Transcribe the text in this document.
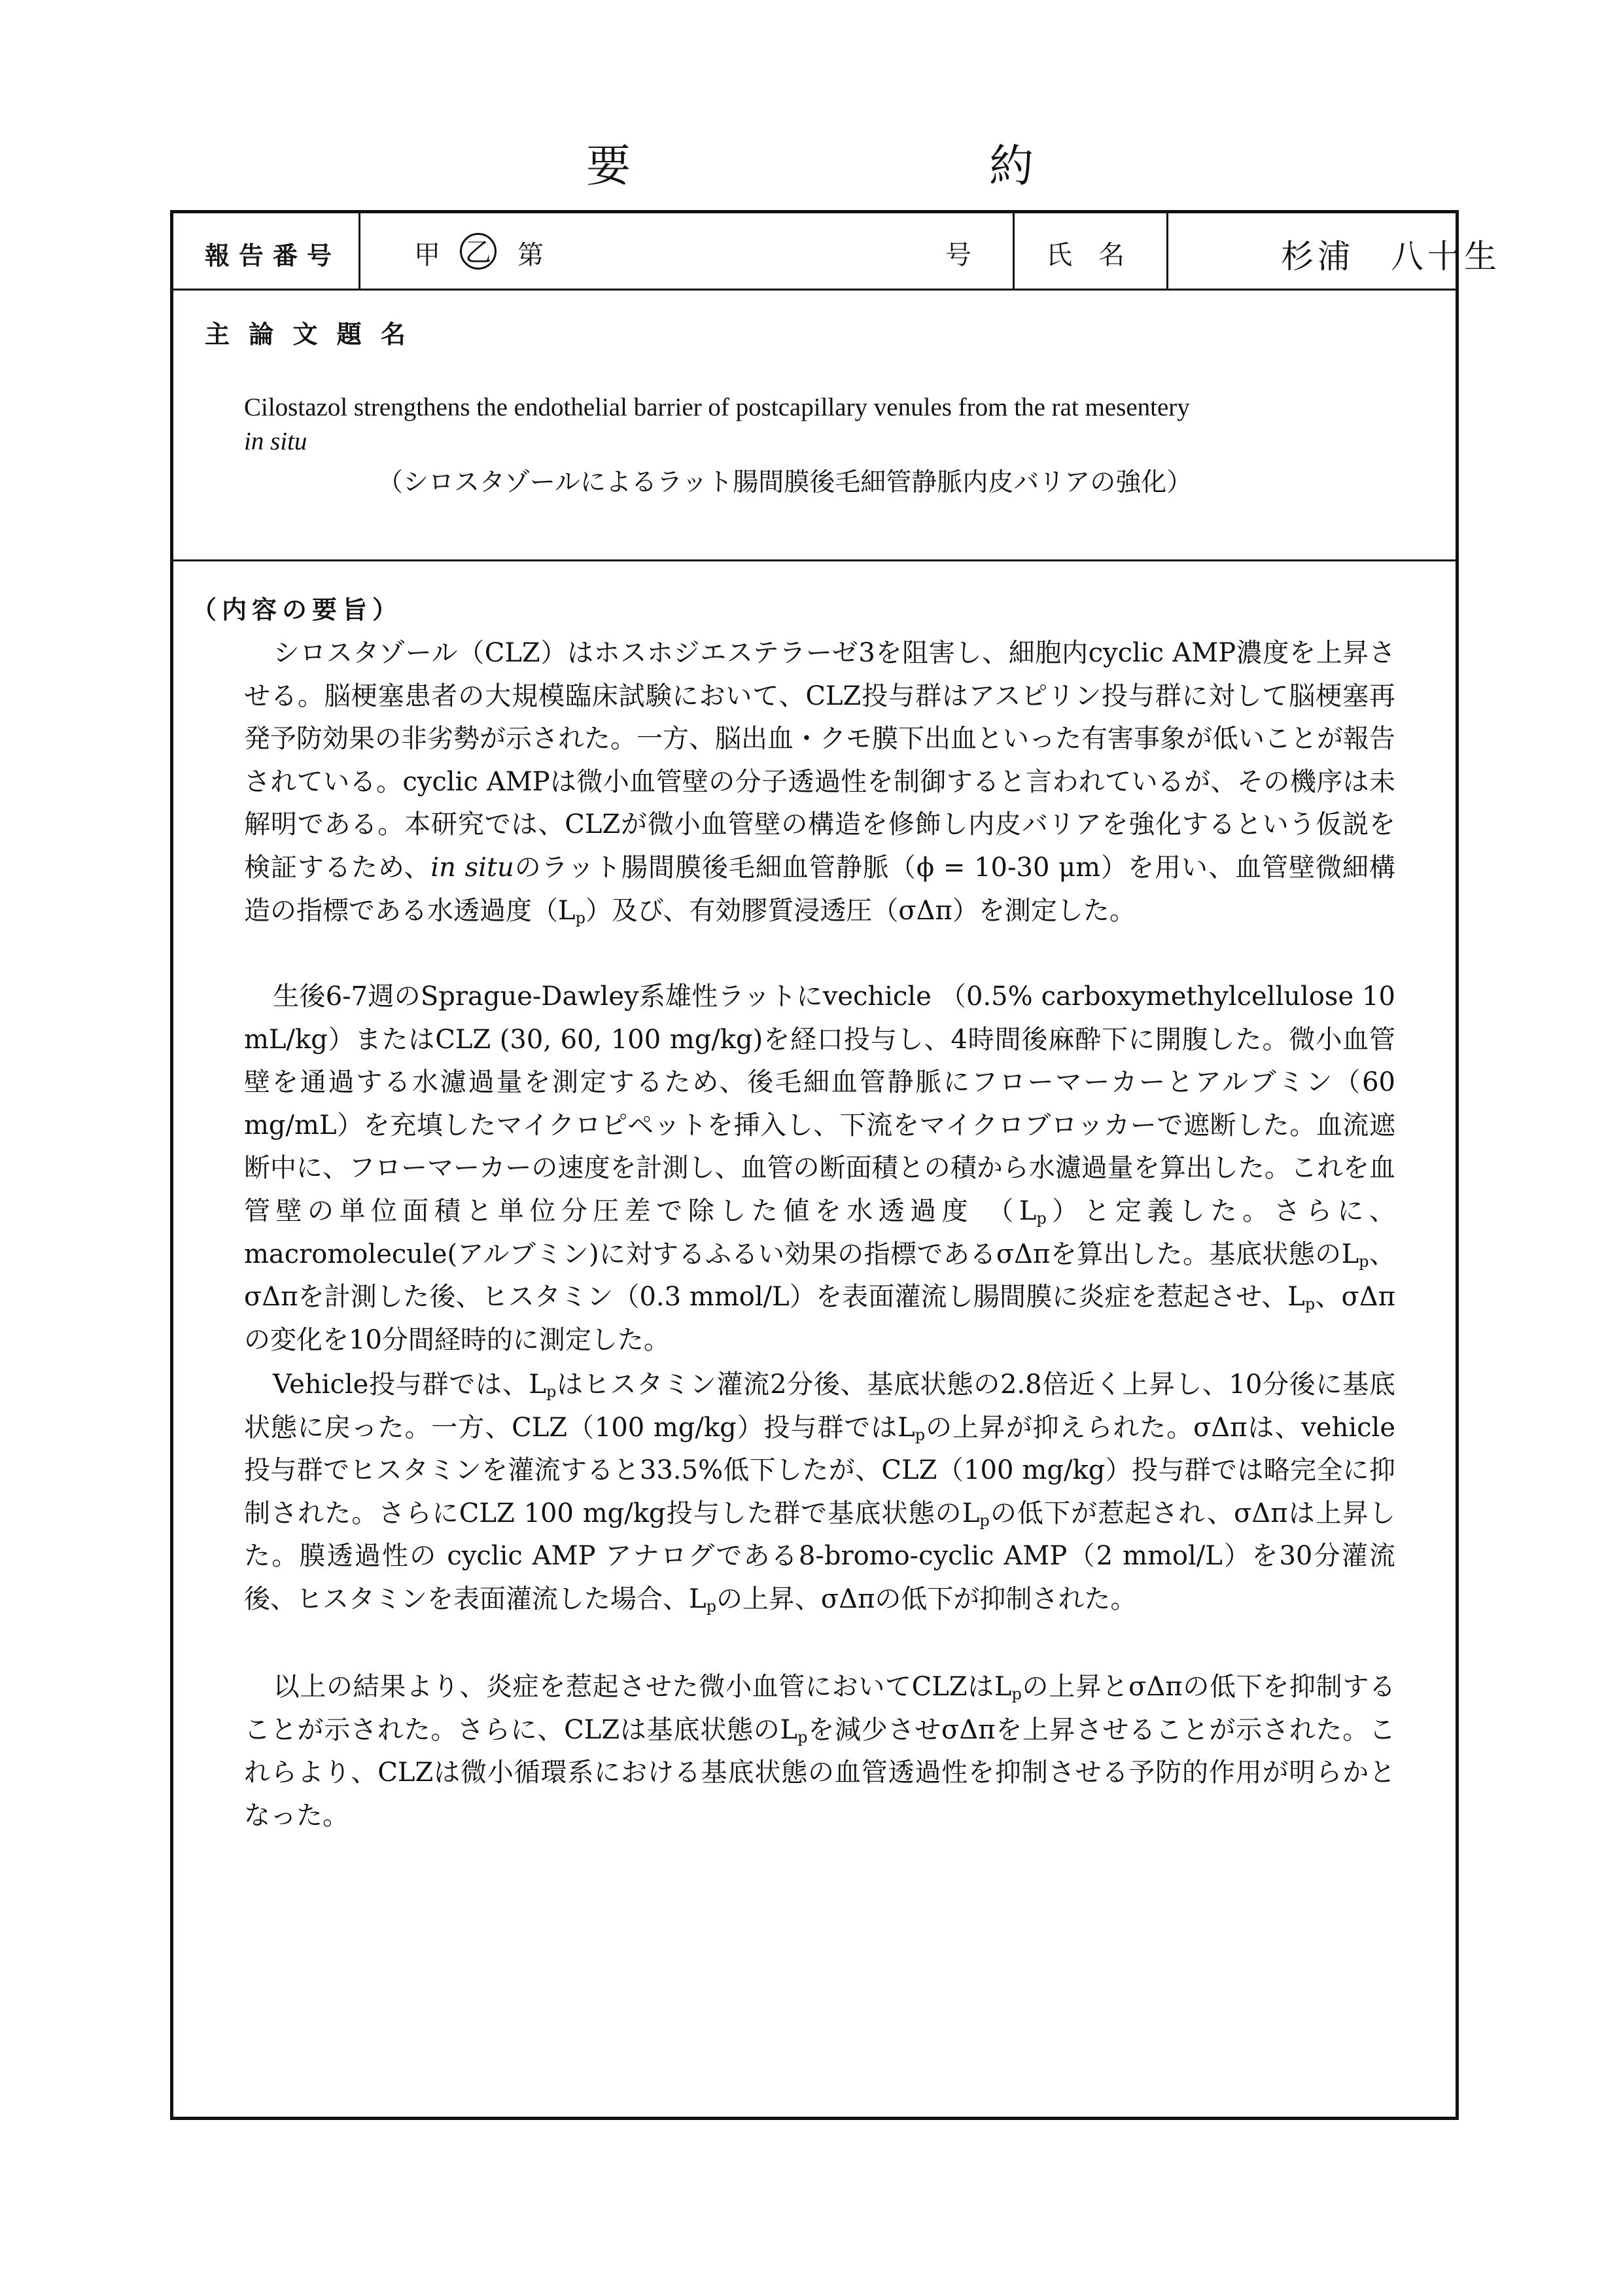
要	約
報告番号	甲 乙 第	号	氏　名	杉浦　八十生
主 論 文 題 名
Cilostazol strengthens the endothelial barrier of postcapillary venules from the rat mesentery
in situ
（シロスタゾールによるラット腸間膜後毛細管静脈内皮バリアの強化）
（内容の要旨）

シロスタゾール（CLZ）はホスホジエステラーゼ3を阻害し、細胞内cyclic AMP濃度を上昇させる。脳梗塞患者の大規模臨床試験において、CLZ投与群はアスピリン投与群に対して脳梗塞再発予防効果の非劣勢が示された。一方、脳出血・クモ膜下出血といった有害事象が低いことが報告されている。cyclic AMPは微小血管壁の分子透過性を制御すると言われているが、その機序は未解明である。本研究では、CLZが微小血管壁の構造を修飾し内皮バリアを強化するという仮説を検証するため、in situのラット腸間膜後毛細血管静脈（ϕ = 10-30 μm）を用い、血管壁微細構造の指標である水透過度$(L_p)$及び、有効膠質浸透圧（σΔπ）を測定した。

生後6-7週のSprague-Dawley系雄性ラットにvechicle （0.5% carboxymethylcellulose 10 mL/kg）またはCLZ (30, 60, 100 mg/kg)を経口投与し、4時間後麻酔下に開腹した。微小血管壁を通過する水濾過量を測定するため、後毛細血管静脈にフローマーカーとアルブミン（60 mg/mL）を充填したマイクロピペットを挿入し、下流をマイクロブロッカーで遮断した。血流遮断中に、フローマーカーの速度を計測し、血管の断面積との積から水濾過量を算出した。これを血管壁の単位面積と単位分圧差で除した値を水透過度 $(L_p)$と定義した。さらに、macromolecule(アルブミン)に対するふるい効果の指標であるσΔπを算出した。基底状態の$L_p$、σΔπを計測した後、ヒスタミン（0.3 mmol/L）を表面灌流し腸間膜に炎症を惹起させ、$L_p$、σΔπの変化を10分間経時的に測定した。

Vehicle投与群では、$L_p$はヒスタミン灌流2分後、基底状態の2.8倍近く上昇し、10分後に基底状態に戻った。一方、CLZ（100 mg/kg）投与群では$L_p$の上昇が抑えられた。σΔπは、vehicle投与群でヒスタミンを灌流すると33.5%低下したが、CLZ（100 mg/kg）投与群では略完全に抑制された。さらにCLZ 100 mg/kg投与した群で基底状態の$L_p$の低下が惹起され、σΔπは上昇した。膜透過性の cyclic AMP アナログである8-bromo-cyclic AMP（2 mmol/L）を30分灌流後、ヒスタミンを表面灌流した場合、$L_p$の上昇、σΔπの低下が抑制された。

以上の結果より、炎症を惹起させた微小血管においてCLZは$L_p$の上昇とσΔπの低下を抑制することが示された。さらに、CLZは基底状態の$L_p$を減少させσΔπを上昇させることが示された。これらより、CLZは微小循環系における基底状態の血管透過性を抑制させる予防的作用が明らかとなった。
